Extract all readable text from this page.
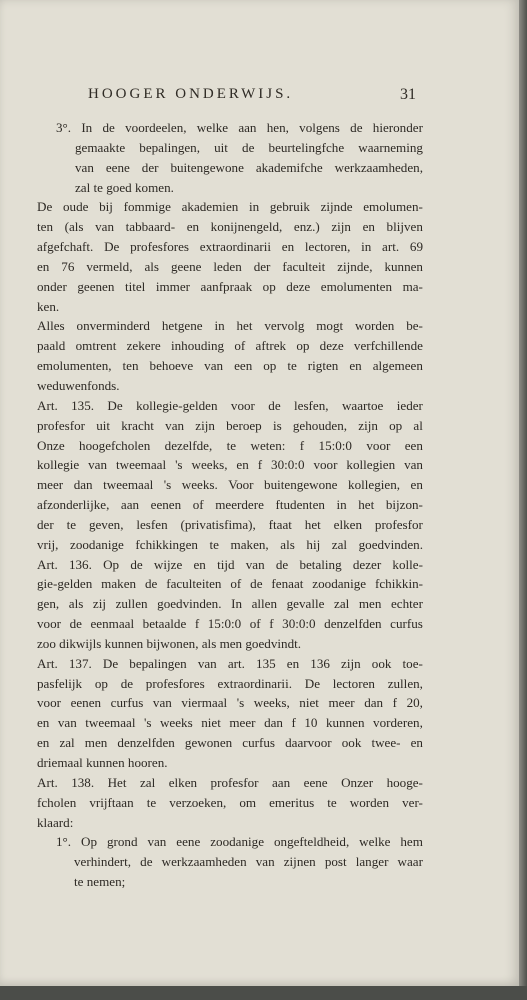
HOOGER ONDERWIJS.	31
3°. In de voordeelen, welke aan hen, volgens de hieronder
gemaakte bepalingen, uit de beurtelingfche waarneming
van eene der buitengewone akademifche werkzaamheden,
zal te goed komen.
De oude bij fommige akademien in gebruik zijnde emolumen-
ten (als van tabbaard- en konijnengeld, enz.) zijn en blijven
afgefchaft. De profesfores extraordinarii en lectoren, in art. 69
en 76 vermeld, als geene leden der faculteit zijnde, kunnen
onder geenen titel immer aanfpraak op deze emolumenten ma-
ken.
Alles onverminderd hetgene in het vervolg mogt worden be-
paald omtrent zekere inhouding of aftrek op deze verfchillende
emolumenten, ten behoeve van een op te rigten en algemeen
weduwenfonds.
Art. 135. De kollegie-gelden voor de lesfen, waartoe ieder
profesfor uit kracht van zijn beroep is gehouden, zijn op al
Onze hoogefcholen dezelfde, te weten: f 15:0:0 voor een
kollegie van tweemaal 's weeks, en f 30:0:0 voor kollegien van
meer dan tweemaal 's weeks. Voor buitengewone kollegien, en
afzonderlijke, aan eenen of meerdere ftudenten in het bijzon-
der te geven, lesfen (privatisfima), ftaat het elken profesfor
vrij, zoodanige fchikkingen te maken, als hij zal goedvinden.
Art. 136. Op de wijze en tijd van de betaling dezer kolle-
gie-gelden maken de faculteiten of de fenaat zoodanige fchikkin-
gen, als zij zullen goedvinden. In allen gevalle zal men echter
voor de eenmaal betaalde f 15:0:0 of f 30:0:0 denzelfden curfus
zoo dikwijls kunnen bijwonen, als men goedvindt.
Art. 137. De bepalingen van art. 135 en 136 zijn ook toe-
pasfelijk op de profesfores extraordinarii. De lectoren zullen,
voor eenen curfus van viermaal 's weeks, niet meer dan f 20,
en van tweemaal 's weeks niet meer dan f 10 kunnen vorderen,
en zal men denzelfden gewonen curfus daarvoor ook twee- en
driemaal kunnen hooren.
Art. 138. Het zal elken profesfor aan eene Onzer hooge-
fcholen vrijftaan te verzoeken, om emeritus te worden ver-
klaard:
1°. Op grond van eene zoodanige ongefteldheid, welke hem
verhindert, de werkzaamheden van zijnen post langer waar
te nemen;
